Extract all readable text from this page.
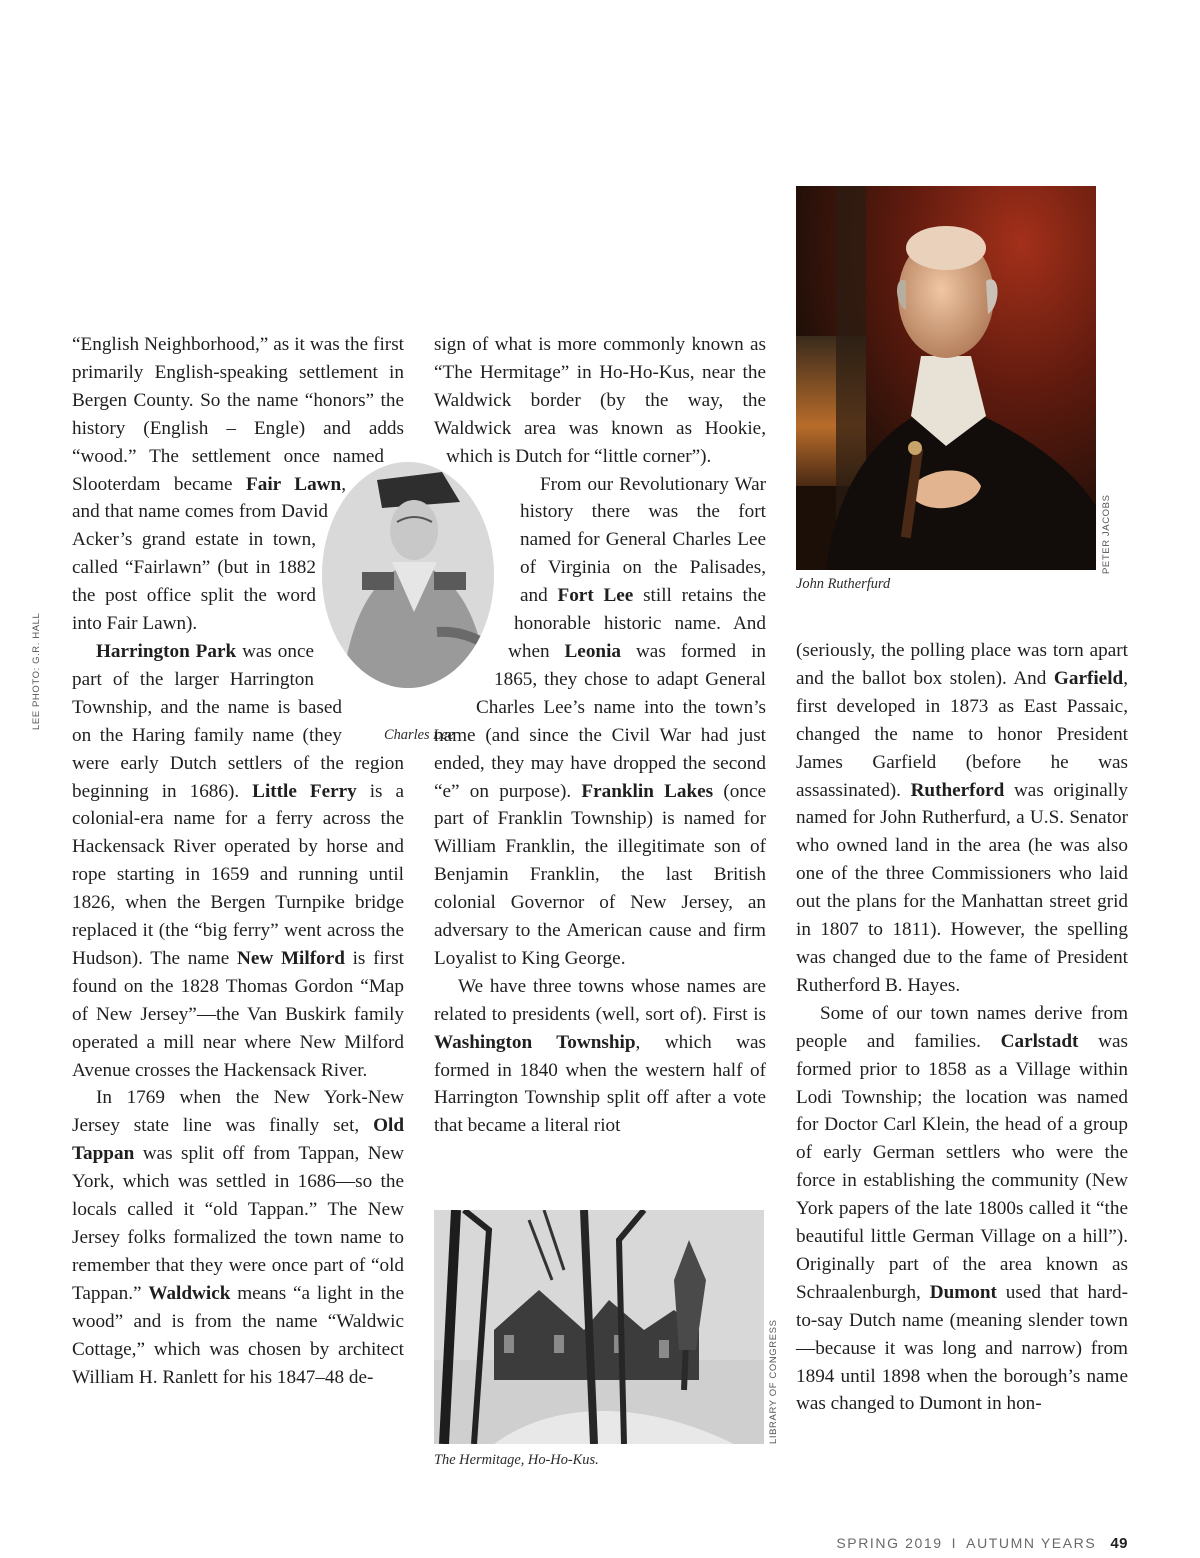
John Rutherfurd
PETER JACOBS
Charles Lee
LEE PHOTO: G.R. HALL
The Hermitage, Ho-Ho-Kus.
LIBRARY OF CONGRESS

“English Neighborhood,” as it was the first primarily English-speaking settlement in Bergen County. So the name “honors” the history (English – Engle) and adds “wood.” The settlement once named Slooterdam became Fair Lawn, and that name comes from David Acker’s grand estate in town, called “Fairlawn” (but in 1882 the post office split the word into Fair Lawn).

Harrington Park was once part of the larger Harrington Township, and the name is based on the Haring family name (they were early Dutch settlers of the region beginning in 1686). Little Ferry is a colonial-era name for a ferry across the Hackensack River operated by horse and rope starting in 1659 and running until 1826, when the Bergen Turnpike bridge replaced it (the “big ferry” went across the Hudson). The name New Milford is first found on the 1828 Thomas Gordon “Map of New Jersey”—the Van Buskirk family operated a mill near where New Milford Avenue crosses the Hackensack River.

In 1769 when the New York-New Jersey state line was finally set, Old Tappan was split off from Tappan, New York, which was settled in 1686—so the locals called it “old Tappan.” The New Jersey folks formalized the town name to remember that they were once part of “old Tappan.” Waldwick means “a light in the wood” and is from the name “Waldwic Cottage,” which was chosen by architect William H. Ranlett for his 1847–48 de-

sign of what is more commonly known as “The Hermitage” in Ho-Ho-Kus, near the Waldwick border (by the way, the Waldwick area was known as Hookie, which is Dutch for “little corner”).

From our Revolutionary War history there was the fort named for General Charles Lee of Virginia on the Palisades, and Fort Lee still retains the honorable historic name. And when Leonia was formed in 1865, they chose to adapt General Charles Lee’s name into the town’s name (and since the Civil War had just ended, they may have dropped the second “e” on purpose). Franklin Lakes (once part of Franklin Township) is named for William Franklin, the illegitimate son of Benjamin Franklin, the last British colonial Governor of New Jersey, an adversary to the American cause and firm Loyalist to King George.

We have three towns whose names are related to presidents (well, sort of). First is Washington Township, which was formed in 1840 when the western half of Harrington Township split off after a vote that became a literal riot

(seriously, the polling place was torn apart and the ballot box stolen). And Garfield, first developed in 1873 as East Passaic, changed the name to honor President James Garfield (before he was assassinated). Rutherford was originally named for John Rutherfurd, a U.S. Senator who owned land in the area (he was also one of the three Commissioners who laid out the plans for the Manhattan street grid in 1807 to 1811). However, the spelling was changed due to the fame of President Rutherford B. Hayes.

Some of our town names derive from people and families. Carlstadt was formed prior to 1858 as a Village within Lodi Township; the location was named for Doctor Carl Klein, the head of a group of early German settlers who were the force in establishing the community (New York papers of the late 1800s called it “the beautiful little German Village on a hill”). Originally part of the area known as Schraalenburgh, Dumont used that hard-to-say Dutch name (meaning slender town—because it was long and narrow) from 1894 until 1898 when the borough’s name was changed to Dumont in hon-

SPRING 2019 I AUTUMN YEARS 49
